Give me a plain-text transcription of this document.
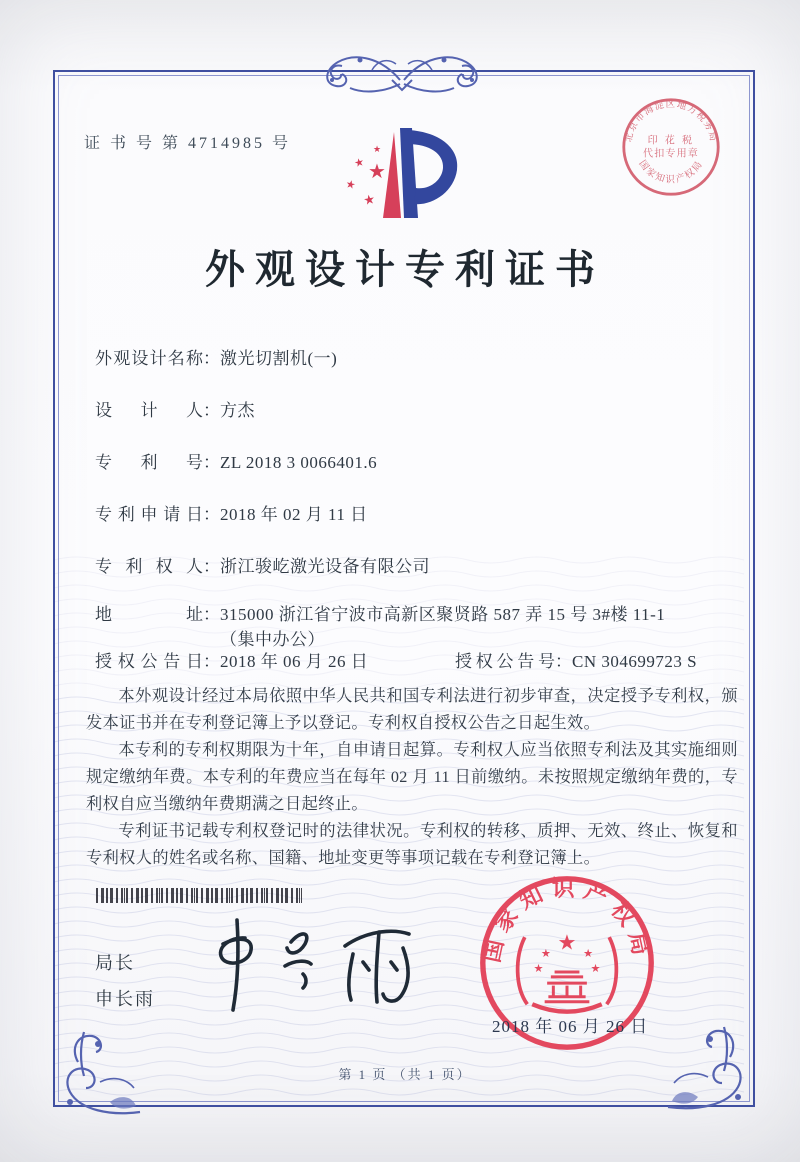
证 书 号 第 4714985 号	★
★ ★
★
★
北京市海淀区地方税务局
国家知识产权局
印 花 税
代扣专用章
外观设计专利证书
外观设计名称：激光切割机(一)
设计人：方杰
专利号：ZL 2018 3 0066401.6
专利申请日：2018 年 02 月 11 日
专利权人：浙江骏屹激光设备有限公司
地址：315000 浙江省宁波市高新区聚贤路 587 弄 15 号 3#楼 11-1（集中办公）
授权公告日：2018 年 06 月 26 日	授权公告号：CN 304699723 S

本外观设计经过本局依照中华人民共和国专利法进行初步审查，决定授予专利权，颁发本证书并在专利登记簿上予以登记。专利权自授权公告之日起生效。

本专利的专利权期限为十年，自申请日起算。专利权人应当依照专利法及其实施细则规定缴纳年费。本专利的年费应当在每年 02 月 11 日前缴纳。未按照规定缴纳年费的，专利权自应当缴纳年费期满之日起终止。

专利证书记载专利权登记时的法律状况。专利权的转移、质押、无效、终止、恢复和专利权人的姓名或名称、国籍、地址变更等事项记载在专利登记簿上。

局长
申长雨
国家知识产权局
★
★	★
★	★
2018 年 06 月 26 日
第 1 页 （共 1 页）
